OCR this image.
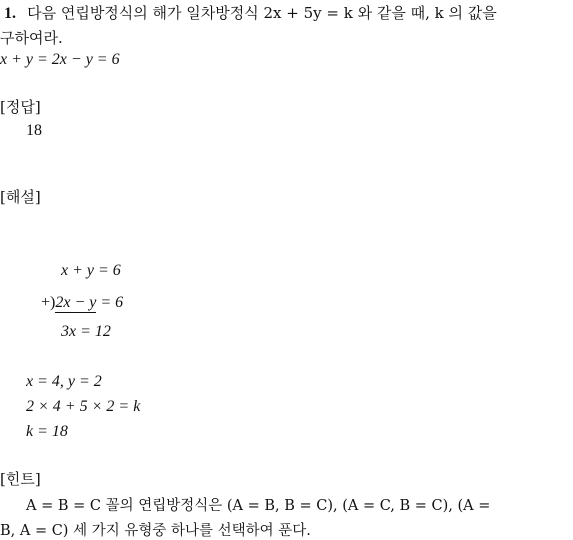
1. 다음 연립방정식의 해가 일차방정식 2x + 5y = k 와 같을 때, k 의 값을
구하여라.
x + y = 2x − y = 6
[정답]
18
[해설]
x + y = 6
+)2x − y = 6
3x = 12
x = 4, y = 2
2 × 4 + 5 × 2 = k
k = 18
[힌트]
A = B = C 꼴의 연립방정식은 (A = B, B = C), (A = C, B = C), (A =
B, A = C) 세 가지 유형중 하나를 선택하여 푼다.
